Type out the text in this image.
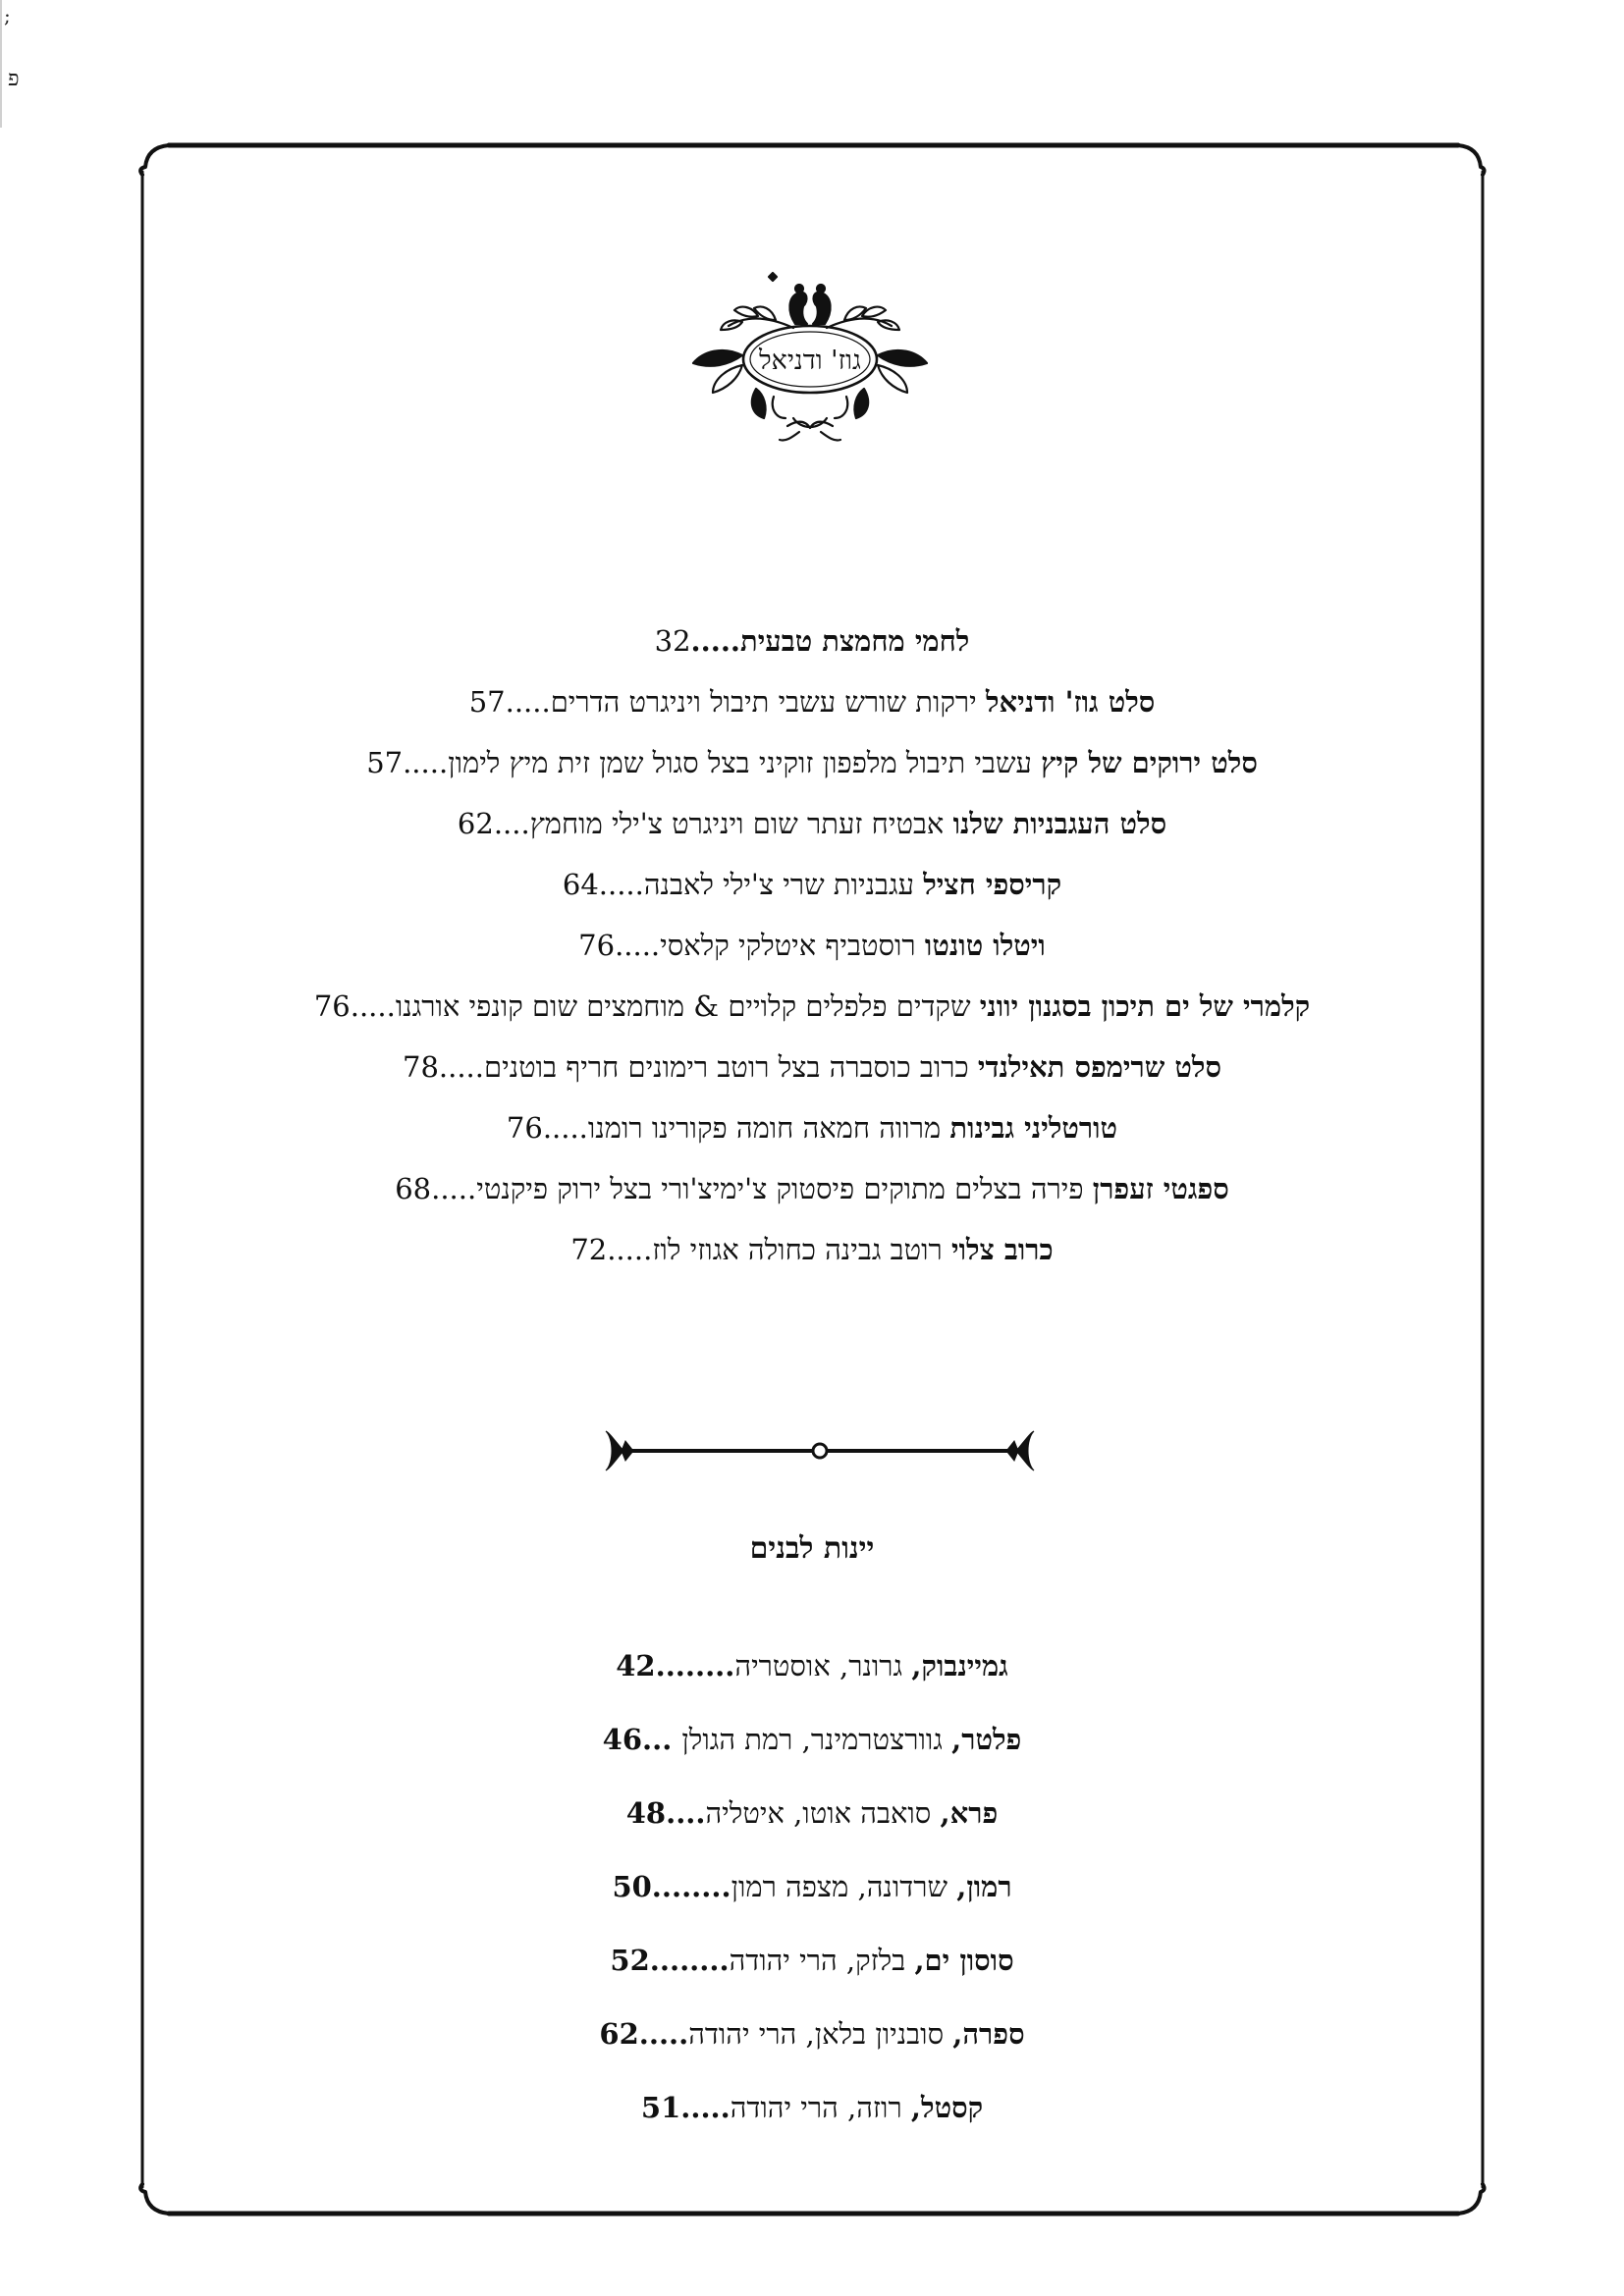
;
פ
גוז' ודניאל
לחמי מחמצת טבעית.....32
סלט גוז' ודניאל ירקות שורש עשבי תיבול ויניגרט הדרים.....57
סלט ירוקים של קיץ עשבי תיבול מלפפון זוקיני בצל סגול שמן זית מיץ לימון.....57
סלט העגבניות שלנו אבטיח זעתר שום ויניגרט צ'ילי מוחמץ....62
קריספי חציל עגבניות שרי צ'ילי לאבנה.....64
ויטלו טונטו רוסטביף איטלקי קלאסי.....76
קלמרי של ים תיכון בסגנון יווני שקדים פלפלים קלויים & מוחמצים שום קונפי אורגנו.....76
סלט שרימפס תאילנדי כרוב כוסברה בצל רוטב רימונים חריף בוטנים.....78
טורטליני גבינות מרווה חמאה חומה פקורינו רומנו.....76
ספגטי זעפרן פירה בצלים מתוקים פיסטוק צ'ימיצ'ורי בצל ירוק פיקנטי.....68
כרוב צלוי רוטב גבינה כחולה אגוזי לוז.....72
יינות לבנים
גמיינבוק, גרונר, אוסטריה........42
פלטר, גוורצטרמינר, רמת הגולן ...46
פרא, סואבה אוטו, איטליה....48
רמון, שרדונה, מצפה רמון........50
סוסון ים, בלזק, הרי יהודה........52
ספרה, סובניון בלאן, הרי יהודה.....62
קסטל, רוזה, הרי יהודה.....51
